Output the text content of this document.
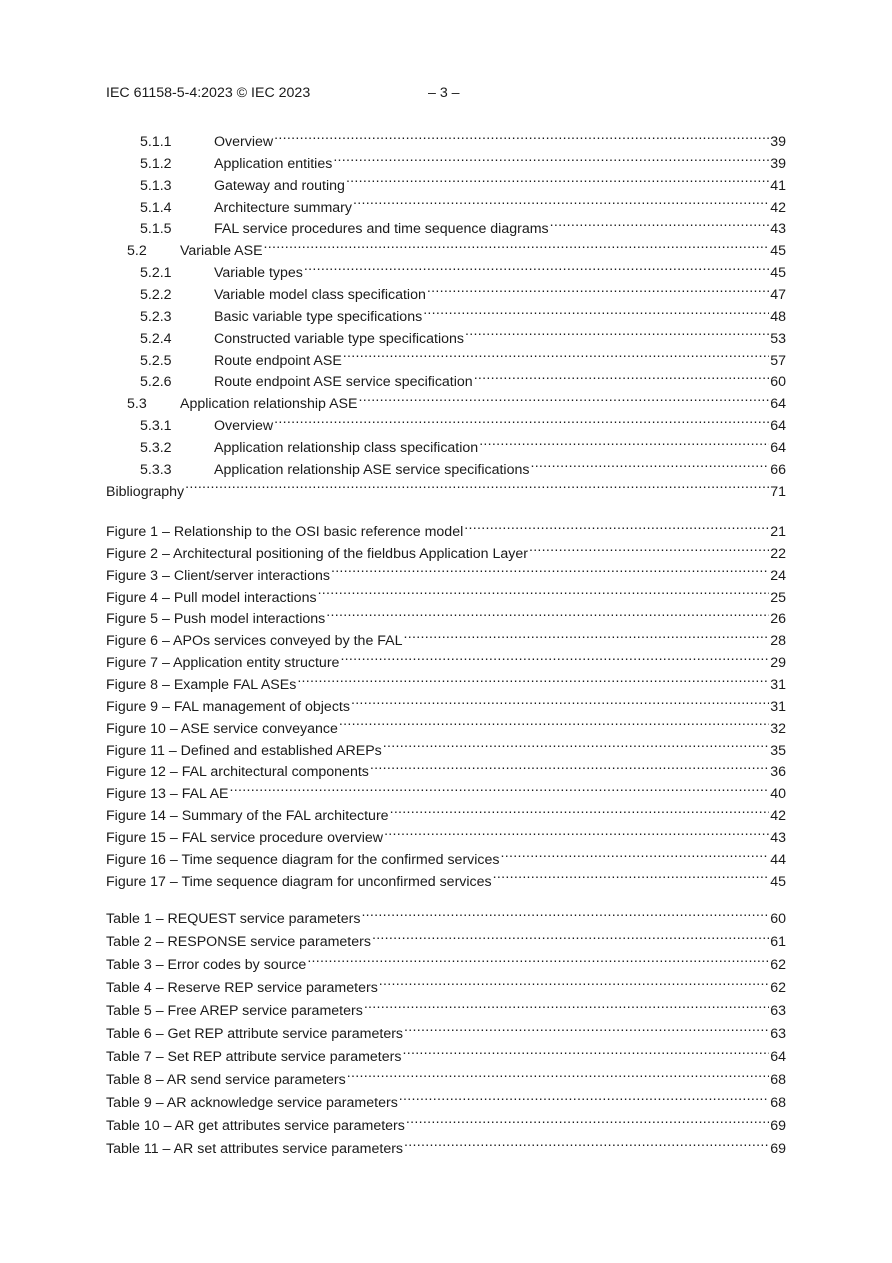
IEC 61158-5-4:2023 © IEC 2023	– 3 –
5.1.1	Overview .....	39
5.1.2	Application entities .....	39
5.1.3	Gateway and routing .....	41
5.1.4	Architecture summary .....	42
5.1.5	FAL service procedures and time sequence diagrams .....	43
5.2	Variable ASE .....	45
5.2.1	Variable types .....	45
5.2.2	Variable model class specification .....	47
5.2.3	Basic variable type specifications .....	48
5.2.4	Constructed variable type specifications .....	53
5.2.5	Route endpoint ASE .....	57
5.2.6	Route endpoint ASE service specification .....	60
5.3	Application relationship ASE .....	64
5.3.1	Overview .....	64
5.3.2	Application relationship class specification .....	64
5.3.3	Application relationship ASE service specifications .....	66
Bibliography .....	71
Figure 1 – Relationship to the OSI basic reference model .....	21
Figure 2 – Architectural positioning of the fieldbus Application Layer .....	22
Figure 3 – Client/server interactions .....	24
Figure 4 – Pull model interactions .....	25
Figure 5 – Push model interactions .....	26
Figure 6 – APOs services conveyed by the FAL .....	28
Figure 7 – Application entity structure .....	29
Figure 8 – Example FAL ASEs .....	31
Figure 9 – FAL management of objects .....	31
Figure 10 – ASE service conveyance .....	32
Figure 11 – Defined and established AREPs .....	35
Figure 12 – FAL architectural components .....	36
Figure 13 – FAL AE .....	40
Figure 14 – Summary of the FAL architecture .....	42
Figure 15 – FAL service procedure overview .....	43
Figure 16 – Time sequence diagram for the confirmed services .....	44
Figure 17 – Time sequence diagram for unconfirmed services .....	45
Table 1 – REQUEST service parameters .....	60
Table 2 – RESPONSE service parameters .....	61
Table 3 – Error codes by source .....	62
Table 4 – Reserve REP service parameters .....	62
Table 5 – Free AREP service parameters .....	63
Table 6 – Get REP attribute service parameters .....	63
Table 7 – Set REP attribute service parameters .....	64
Table 8 – AR send service parameters .....	68
Table 9 – AR acknowledge service parameters .....	68
Table 10 – AR get attributes service parameters .....	69
Table 11 – AR set attributes service parameters .....	69
